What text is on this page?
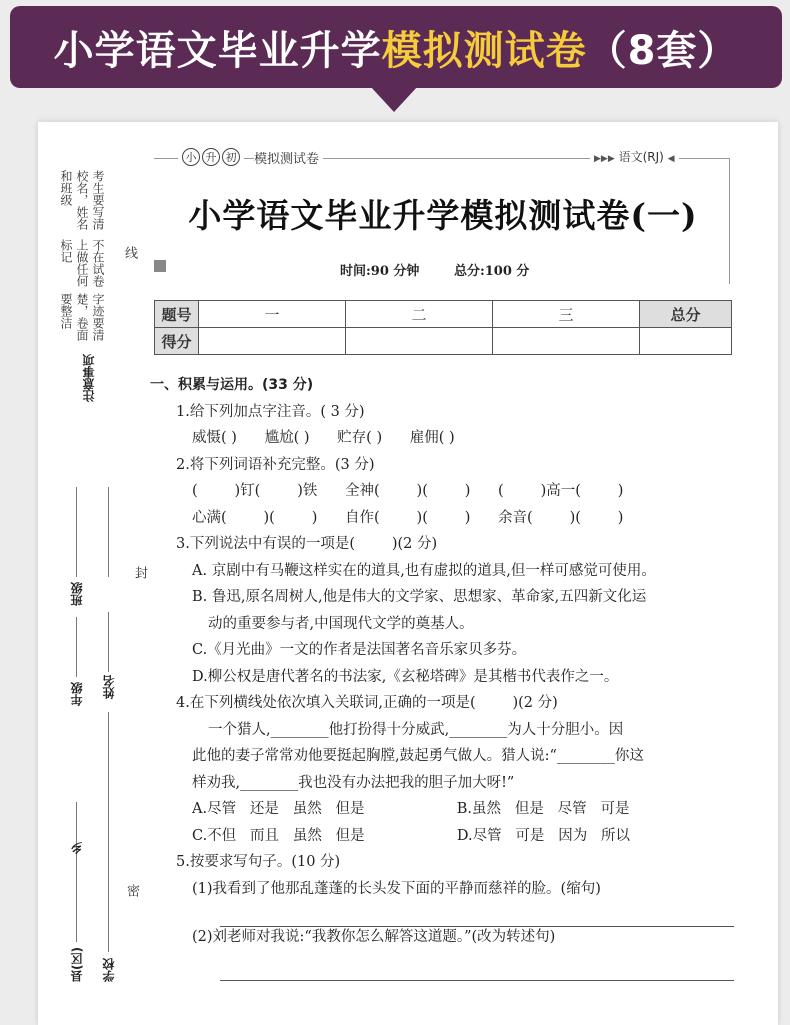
小学语文毕业升学 模拟测试卷 （8套）
考生要写清校名，姓名和班级
不在试卷上做任何标记
字迹要清楚，卷面要整洁
注意事项
线
班级
封
年级 姓名
乡
县(区)
密
学校
小 升 初 模拟测试卷	▶▶▶ 语文(RJ) ◀
小学语文毕业升学模拟测试卷(一)
时间:90 分钟	总分:100 分
题号	一	二	三	总分
得分				
一、积累与运用。(33 分)
1.给下列加点字注音。( 3 分)
威慑( ) 尴尬( ) 贮存( ) 雇佣( )
2.将下列词语补充完整。(3 分)
(        )钉(        )铁      全神(        )(        )      (        )高一(        )
心满(        )(        )      自作(        )(        )      余音(        )(        )
3.下列说法中有误的一项是(        )(2 分)
A. 京剧中有马鞭这样实在的道具,也有虚拟的道具,但一样可感觉可使用。
B. 鲁迅,原名周树人,他是伟大的文学家、思想家、革命家,五四新文化运
动的重要参与者,中国现代文学的奠基人。
C.《月光曲》一文的作者是法国著名音乐家贝多芬。
D.柳公权是唐代著名的书法家,《玄秘塔碑》是其楷书代表作之一。
4.在下列横线处依次填入关联词,正确的一项是(        )(2 分)
一个猎人,________他打扮得十分威武,________为人十分胆小。因
此他的妻子常常劝他要挺起胸膛,鼓起勇气做人。猎人说:“________你这
样劝我,________我也没有办法把我的胆子加大呀!”
A.尽管   还是   虽然   但是                    B.虽然   但是   尽管   可是
C.不但   而且   虽然   但是                    D.尽管   可是   因为   所以
5.按要求写句子。(10 分)
(1)我看到了他那乱蓬蓬的长头发下面的平静而慈祥的脸。(缩句)
(2)刘老师对我说:“我教你怎么解答这道题。”(改为转述句)
